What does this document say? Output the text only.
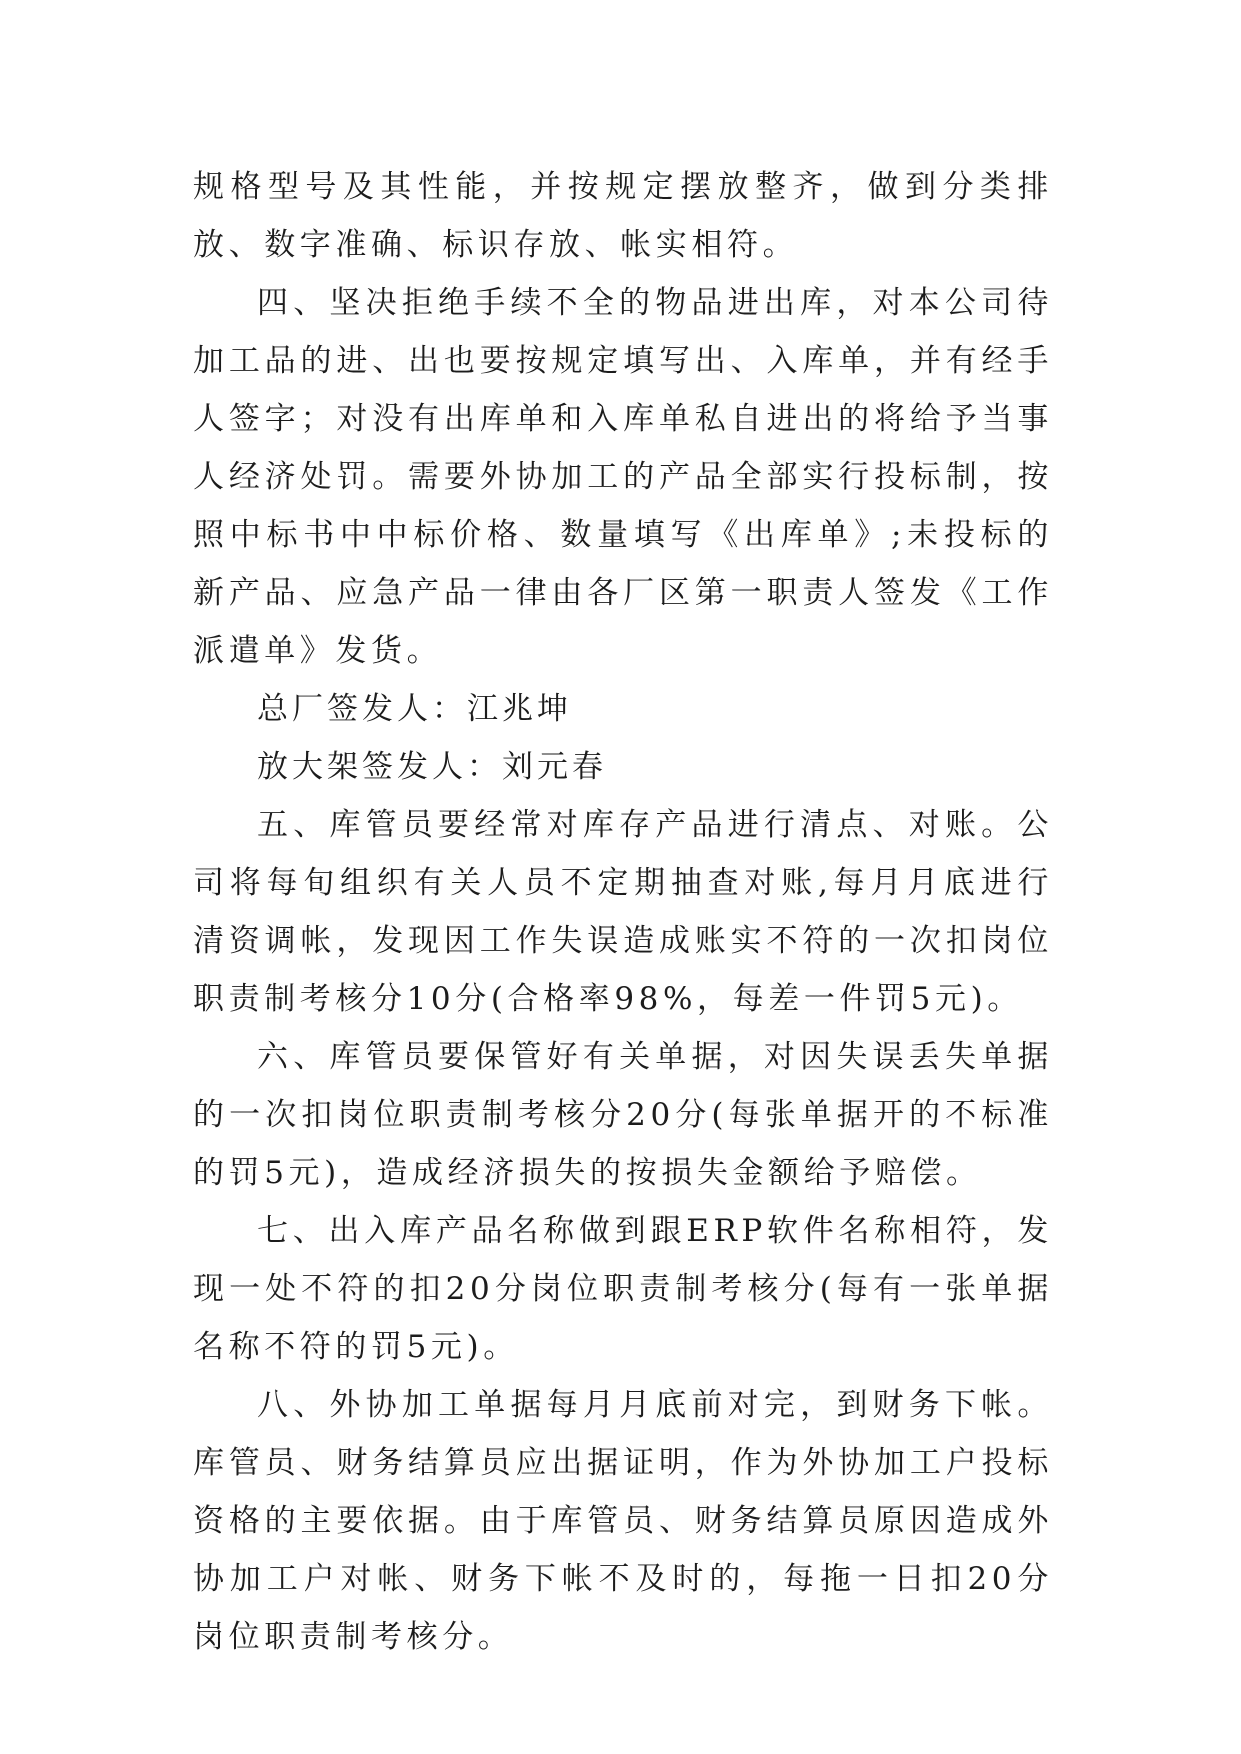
规格型号及其性能，并按规定摆放整齐，做到分类排放、数字准确、标识存放、帐实相符。

四、坚决拒绝手续不全的物品进出库，对本公司待加工品的进、出也要按规定填写出、入库单，并有经手人签字；对没有出库单和入库单私自进出的将给予当事人经济处罚。需要外协加工的产品全部实行投标制，按照中标书中中标价格、数量填写《出库单》;未投标的新产品、应急产品一律由各厂区第一职责人签发《工作派遣单》发货。

总厂签发人：江兆坤

放大架签发人：刘元春

五、库管员要经常对库存产品进行清点、对账。公司将每旬组织有关人员不定期抽查对账,每月月底进行清资调帐，发现因工作失误造成账实不符的一次扣岗位职责制考核分10分(合格率98%，每差一件罚5元)。

六、库管员要保管好有关单据，对因失误丢失单据的一次扣岗位职责制考核分20分(每张单据开的不标准的罚5元)，造成经济损失的按损失金额给予赔偿。

七、出入库产品名称做到跟ERP软件名称相符，发现一处不符的扣20分岗位职责制考核分(每有一张单据名称不符的罚5元)。

八、外协加工单据每月月底前对完，到财务下帐。库管员、财务结算员应出据证明，作为外协加工户投标资格的主要依据。由于库管员、财务结算员原因造成外协加工户对帐、财务下帐不及时的，每拖一日扣20分岗位职责制考核分。
